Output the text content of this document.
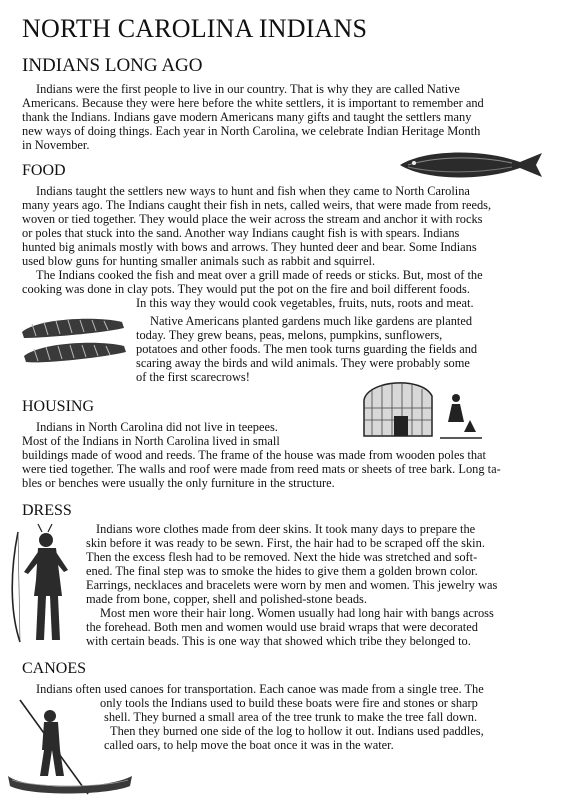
NORTH CAROLINA INDIANS
INDIANS LONG AGO
Indians were the first people to live in our country. That is why they are called Native
Americans. Because they were here before the white settlers, it is important to remember and
thank the Indians. Indians gave modern Americans many gifts and taught the settlers many
new ways of doing things. Each year in North Carolina, we celebrate Indian Heritage Month
in November.
FOOD
Indians taught the settlers new ways to hunt and fish when they came to North Carolina
many years ago. The Indians caught their fish in nets, called weirs, that were made from reeds,
woven or tied together. They would place the weir across the stream and anchor it with rocks
or poles that stuck into the sand. Another way Indians caught fish is with spears. Indians
hunted big animals mostly with bows and arrows. They hunted deer and bear. Some Indians
used blow guns for hunting smaller animals such as rabbit and squirrel.
The Indians cooked the fish and meat over a grill made of reeds or sticks. But, most of the
cooking was done in clay pots. They would put the pot on the fire and boil different foods.
In this way they would cook vegetables, fruits, nuts, roots and meat.
Native Americans planted gardens much like gardens are planted
today. They grew beans, peas, melons, pumpkins, sunflowers,
potatoes and other foods. The men took turns guarding the fields and
scaring away the birds and wild animals. They were probably some
of the first scarecrows!
HOUSING
Indians in North Carolina did not live in teepees.
Most of the Indians in North Carolina lived in small
buildings made of wood and reeds. The frame of the house was made from wooden poles that
were tied together. The walls and roof were made from reed mats or sheets of tree bark. Long ta-
bles or benches were usually the only furniture in the structure.
DRESS
Indians wore clothes made from deer skins. It took many days to prepare the
skin before it was ready to be sewn. First, the hair had to be scraped off the skin.
Then the excess flesh had to be removed. Next the hide was stretched and soft-
ened. The final step was to smoke the hides to give them a golden brown color.
Earrings, necklaces and bracelets were worn by men and women. This jewelry was
made from bone, copper, shell and polished-stone beads.
Most men wore their hair long. Women usually had long hair with bangs across
the forehead. Both men and women would use braid wraps that were decorated
with certain beads. This is one way that showed which tribe they belonged to.
CANOES
Indians often used canoes for transportation. Each canoe was made from a single tree. The
only tools the Indians used to build these boats were fire and stones or sharp
shell. They burned a small area of the tree trunk to make the tree fall down.
Then they burned one side of the log to hollow it out. Indians used paddles,
called oars, to help move the boat once it was in the water.
